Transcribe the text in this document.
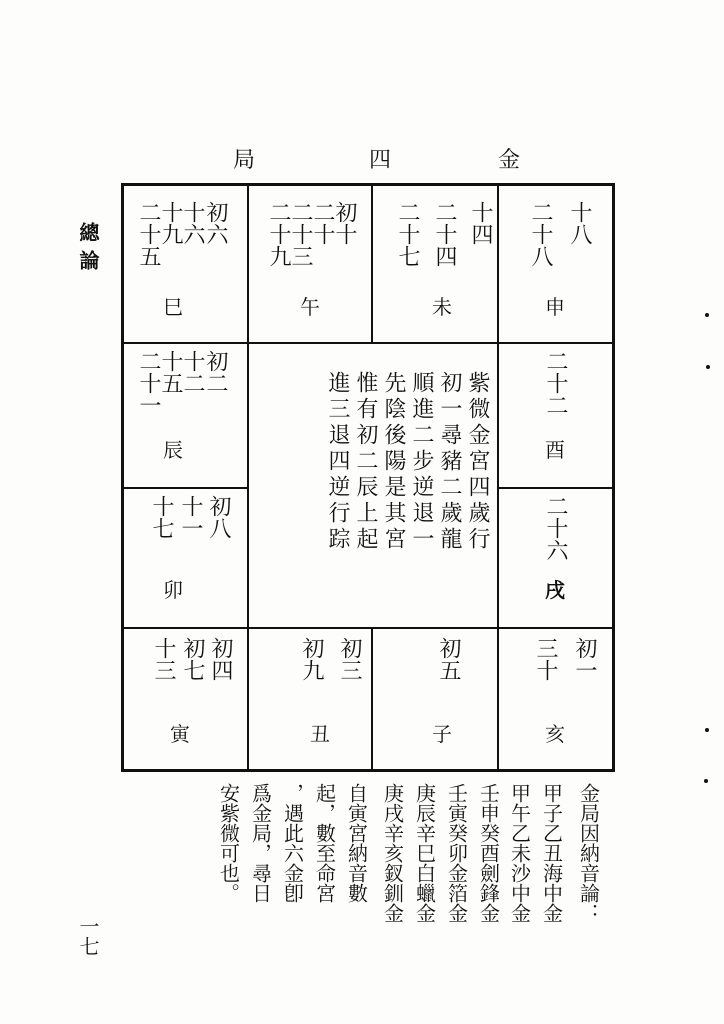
局	四	金
總論
一七
初六
十六
十九
二十五
巳
初十
二十
二十三
二十九
午
十四
二十四
二十七
未
十八
二十八
申
初二
十二
十五
二十一
辰
二十二
酉
初八
十一
十七
卯
二十六
戌
初四
初七
十三
寅
初三
初九
丑
初五
子
初一
三十
亥
紫微金宮四歲行
初一尋豬二歲龍
順進二步逆退一
先陰後陽是其宮
惟有初二辰上起
進三退四逆行踪
金局因納音論：
甲子乙丑海中金
甲午乙未沙中金
壬申癸酉劍鋒金
壬寅癸卯金箔金
庚辰辛巳白蠟金
庚戌辛亥釵釧金
自寅宮納音數
起，數至命宮
，遇此六金卽
爲金局，尋日
安紫微可也。
